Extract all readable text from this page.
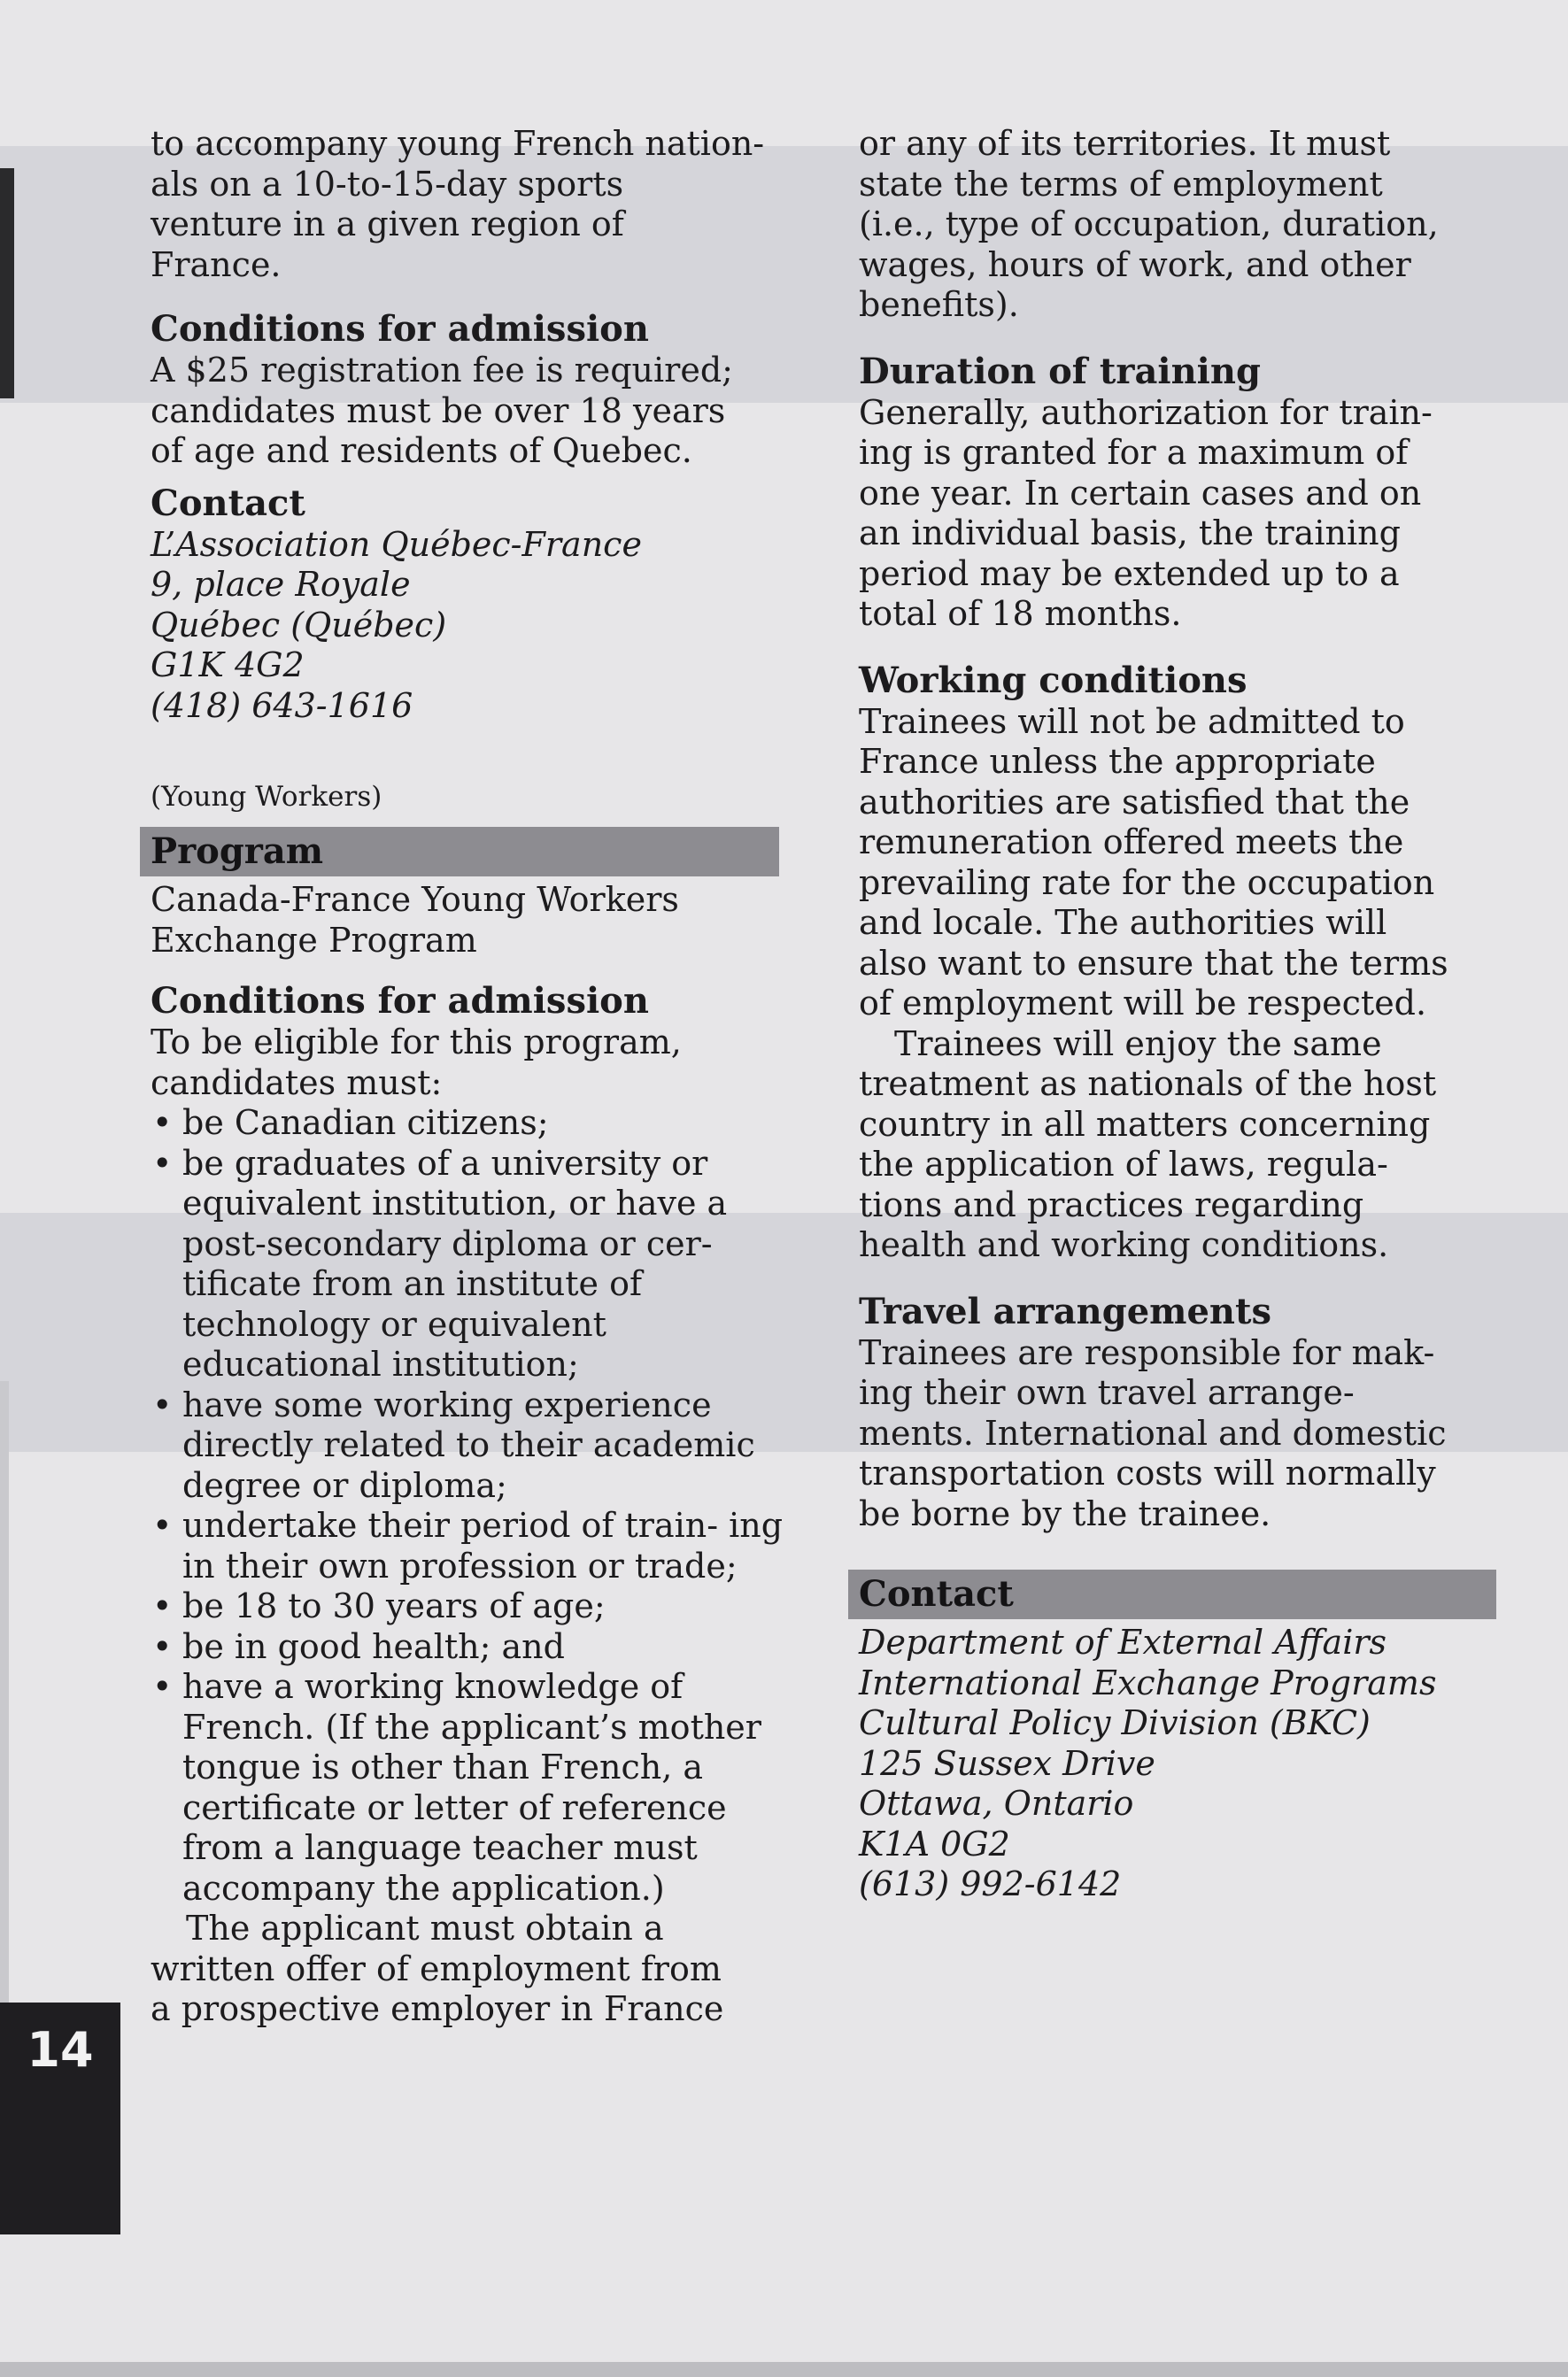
to accompany young French nation-
als on a 10-to-15-day sports
venture in a given region of
France.
Conditions for admission
A $25 registration fee is required;
candidates must be over 18 years
of age and residents of Quebec.
Contact
L’Association Québec-France
9, place Royale
Québec (Québec)
G1K 4G2
(418) 643-1616
(Young Workers)
Program
Canada-France Young Workers
Exchange Program
Conditions for admission
To be eligible for this program,
candidates must:
• be Canadian citizens;
• be graduates of a university or equivalent institution, or have a post-secondary diploma or cer- tificate from an institute of technology or equivalent educational institution;
• have some working experience directly related to their academic degree or diploma;
• undertake their period of train- ing in their own profession or trade;
• be 18 to 30 years of age;
• be in good health; and
• have a working knowledge of French. (If the applicant’s mother tongue is other than French, a certificate or letter of reference from a language teacher must accompany the application.)
The applicant must obtain a
written offer of employment from
a prospective employer in France
or any of its territories. It must
state the terms of employment
(i.e., type of occupation, duration,
wages, hours of work, and other
benefits).
Duration of training
Generally, authorization for train-
ing is granted for a maximum of
one year. In certain cases and on
an individual basis, the training
period may be extended up to a
total of 18 months.
Working conditions
Trainees will not be admitted to
France unless the appropriate
authorities are satisfied that the
remuneration offered meets the
prevailing rate for the occupation
and locale. The authorities will
also want to ensure that the terms
of employment will be respected.
Trainees will enjoy the same
treatment as nationals of the host
country in all matters concerning
the application of laws, regula-
tions and practices regarding
health and working conditions.
Travel arrangements
Trainees are responsible for mak-
ing their own travel arrange-
ments. International and domestic
transportation costs will normally
be borne by the trainee.
Contact
Department of External Affairs
International Exchange Programs
Cultural Policy Division (BKC)
125 Sussex Drive
Ottawa, Ontario
K1A 0G2
(613) 992-6142
14
